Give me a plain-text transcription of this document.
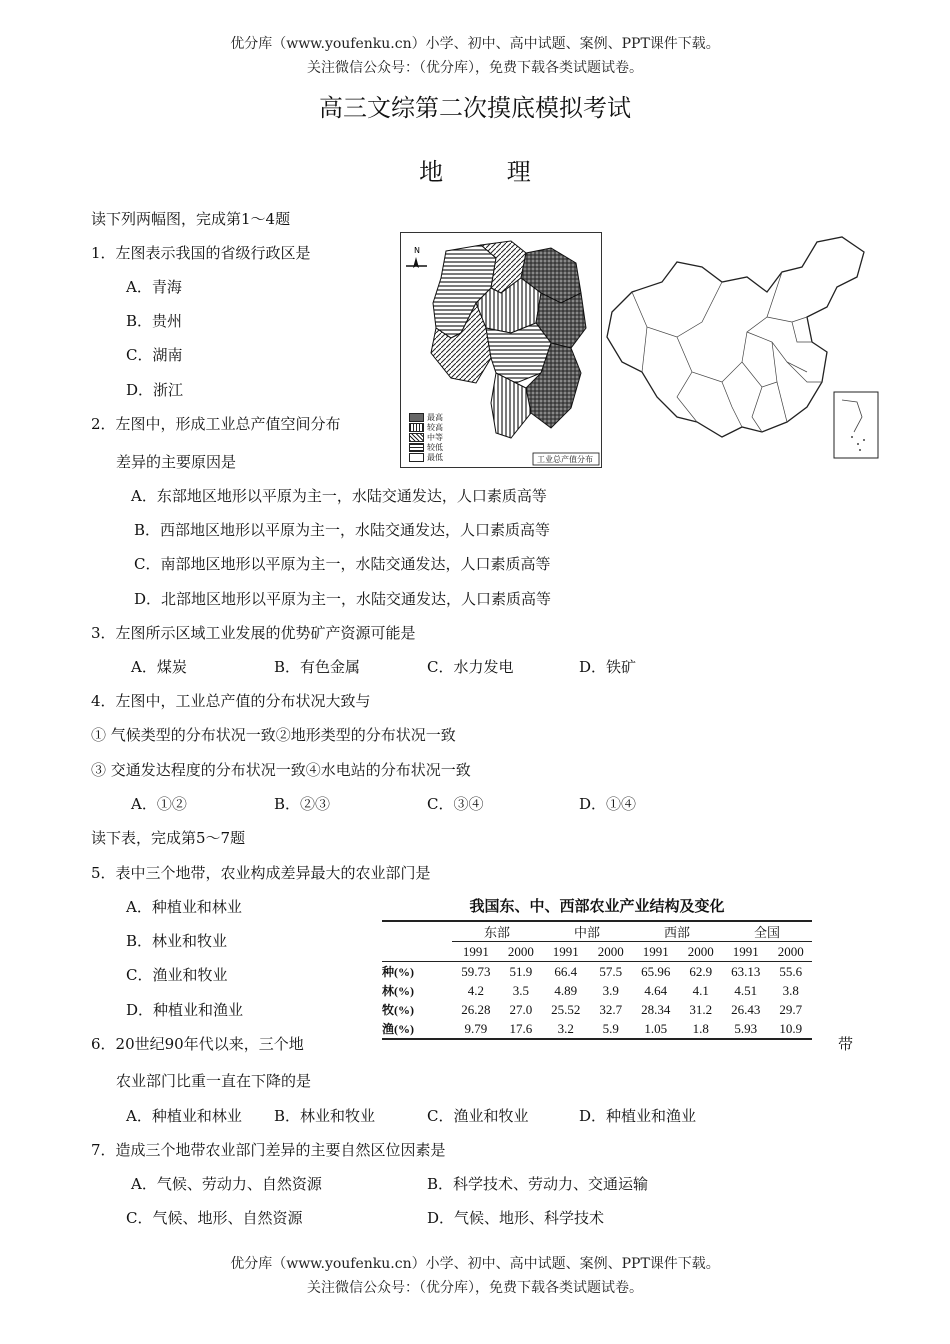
优分库（www.youfenku.cn）小学、初中、高中试题、案例、PPT课件下载。
关注微信公众号：（优分库），免费下载各类试题试卷。
高三文综第二次摸底模拟考试
地 理
读下列两幅图，完成第1～4题
1．左图表示我国的省级行政区是
A．青海
B．贵州
C．湖南
D．浙江
2．左图中，形成工业总产值空间分布
差异的主要原因是
A．东部地区地形以平原为主一，水陆交通发达，人口素质高等
B．西部地区地形以平原为主一，水陆交通发达，人口素质高等
C．南部地区地形以平原为主一，水陆交通发达，人口素质高等
D．北部地区地形以平原为主一，水陆交通发达，人口素质高等
3．左图所示区域工业发展的优势矿产资源可能是
A．煤炭	B．有色金属	C．水力发电	D．铁矿
4．左图中，工业总产值的分布状况大致与
① 气候类型的分布状况一致②地形类型的分布状况一致
③ 交通发达程度的分布状况一致④水电站的分布状况一致
A．①②	B．②③	C．③④	D．①④
N
最高
较高
中等
较低
最低	工业总产值分布
读下表，完成第5～7题
5．表中三个地带，农业构成差异最大的农业部门是
A．种植业和林业
B．林业和牧业
C．渔业和牧业
D．种植业和渔业
6．20世纪90年代以来，三个地	带
农业部门比重一直在下降的是
A．种植业和林业 B．林业和牧业	C．渔业和牧业	D．种植业和渔业
7．造成三个地带农业部门差异的主要自然区位因素是
A．气候、劳动力、自然资源	B．科学技术、劳动力、交通运输
C．气候、地形、自然资源	D．气候、地形、科学技术
我国东、中、西部农业产业结构及变化
	东部		中部		西部		全国	
	1991	2000	1991	2000	1991	2000	1991	2000
种(%)	59.73	51.9	66.4	57.5	65.96	62.9	63.13	55.6
林(%)	4.2	3.5	4.89	3.9	4.64	4.1	4.51	3.8
牧(%)	26.28	27.0	25.52	32.7	28.34	31.2	26.43	29.7
渔(%)	9.79	17.6	3.2	5.9	1.05	1.8	5.93	10.9
优分库（www.youfenku.cn）小学、初中、高中试题、案例、PPT课件下载。
关注微信公众号：（优分库），免费下载各类试题试卷。
